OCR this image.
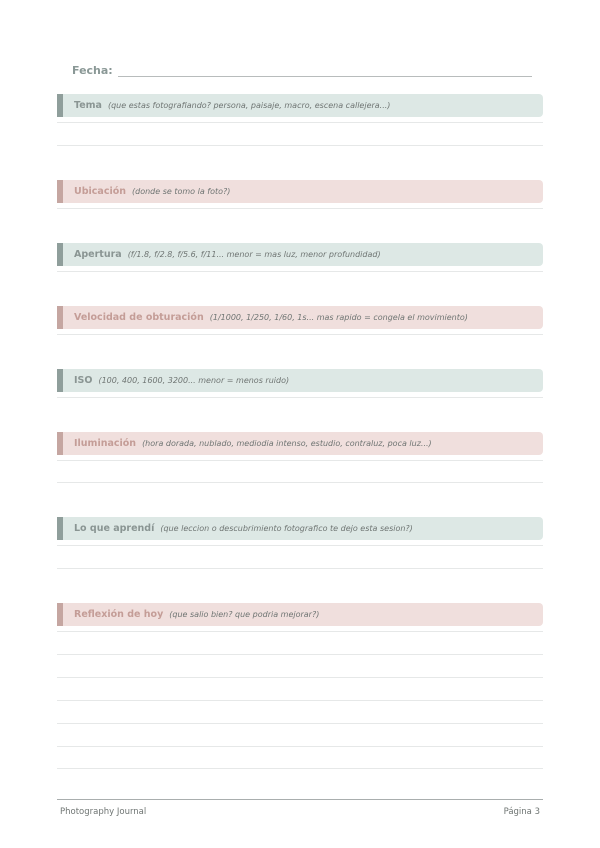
Fecha:
Tema (que estas fotografiando? persona, paisaje, macro, escena callejera...)
Ubicación (donde se tomo la foto?)
Apertura (f/1.8, f/2.8, f/5.6, f/11... menor = mas luz, menor profundidad)
Velocidad de obturación (1/1000, 1/250, 1/60, 1s... mas rapido = congela el movimiento)
ISO (100, 400, 1600, 3200... menor = menos ruido)
Iluminación (hora dorada, nublado, mediodia intenso, estudio, contraluz, poca luz...)
Lo que aprendí (que leccion o descubrimiento fotografico te dejo esta sesion?)
Reflexión de hoy (que salio bien? que podria mejorar?)
Photography Journal	Página 3
